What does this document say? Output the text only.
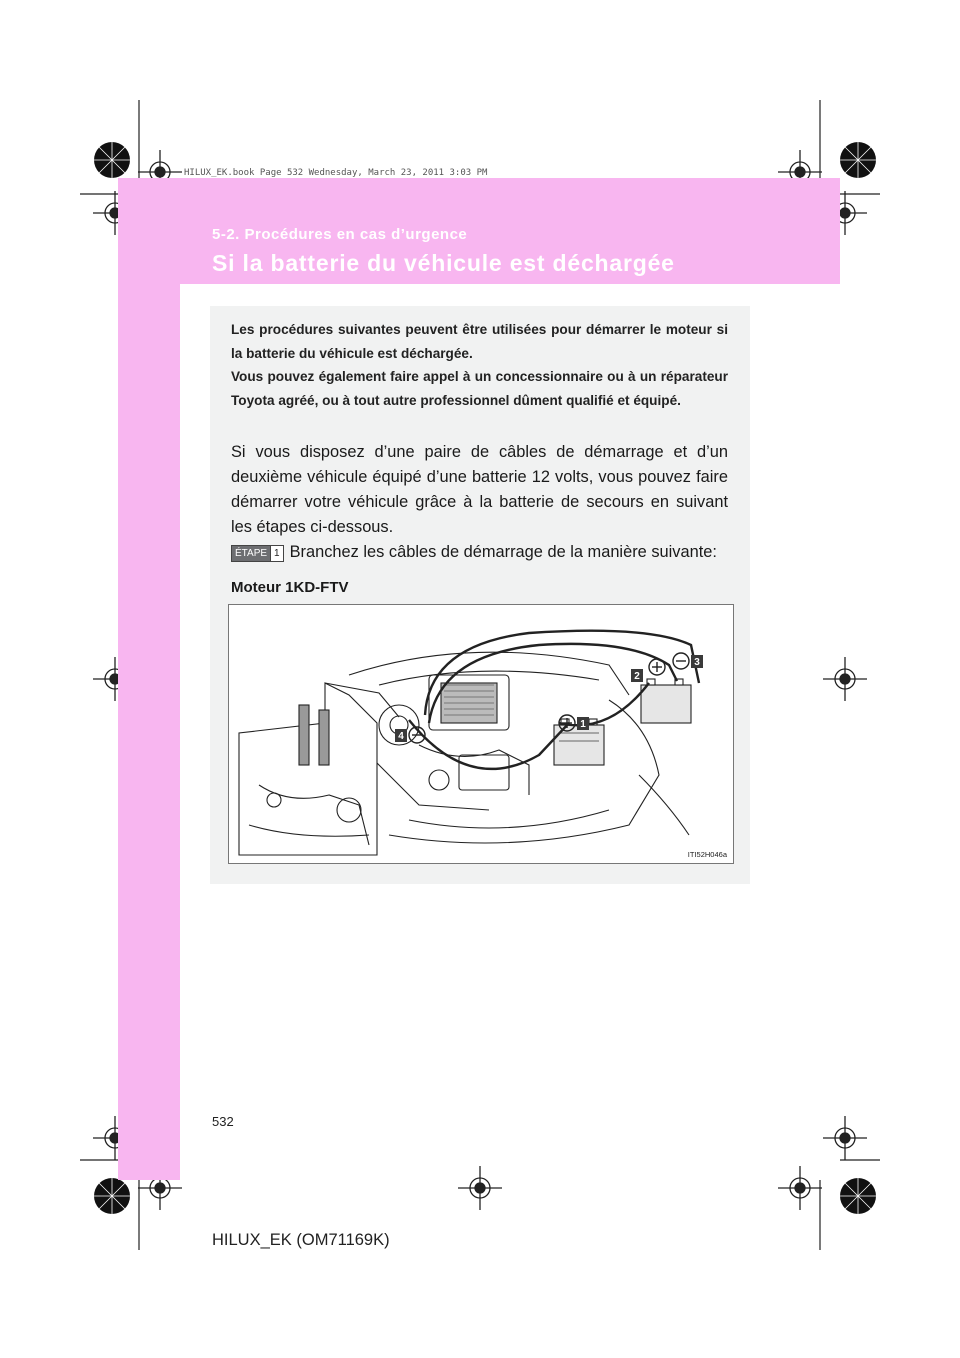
HILUX_EK.book Page 532 Wednesday, March 23, 2011 3:03 PM
5-2. Procédures en cas d’urgence
Si la batterie du véhicule est déchargée

Les procédures suivantes peuvent être utilisées pour démarrer le moteur si la batterie du véhicule est déchargée.

Vous pouvez également faire appel à un concessionnaire ou à un réparateur Toyota agréé, ou à tout autre professionnel dûment qualifié et équipé.

Si vous disposez d’une paire de câbles de démarrage et d’un deuxième véhicule équipé d’une batterie 12 volts, vous pouvez faire démarrer votre véhicule grâce à la batterie de secours en suivant les étapes ci-dessous.
ÉTAPE 1 Branchez les câbles de démarrage de la manière suivante:
Moteur 1KD-FTV
1
2
3
4
ITI52H046a
532
HILUX_EK (OM71169K)
